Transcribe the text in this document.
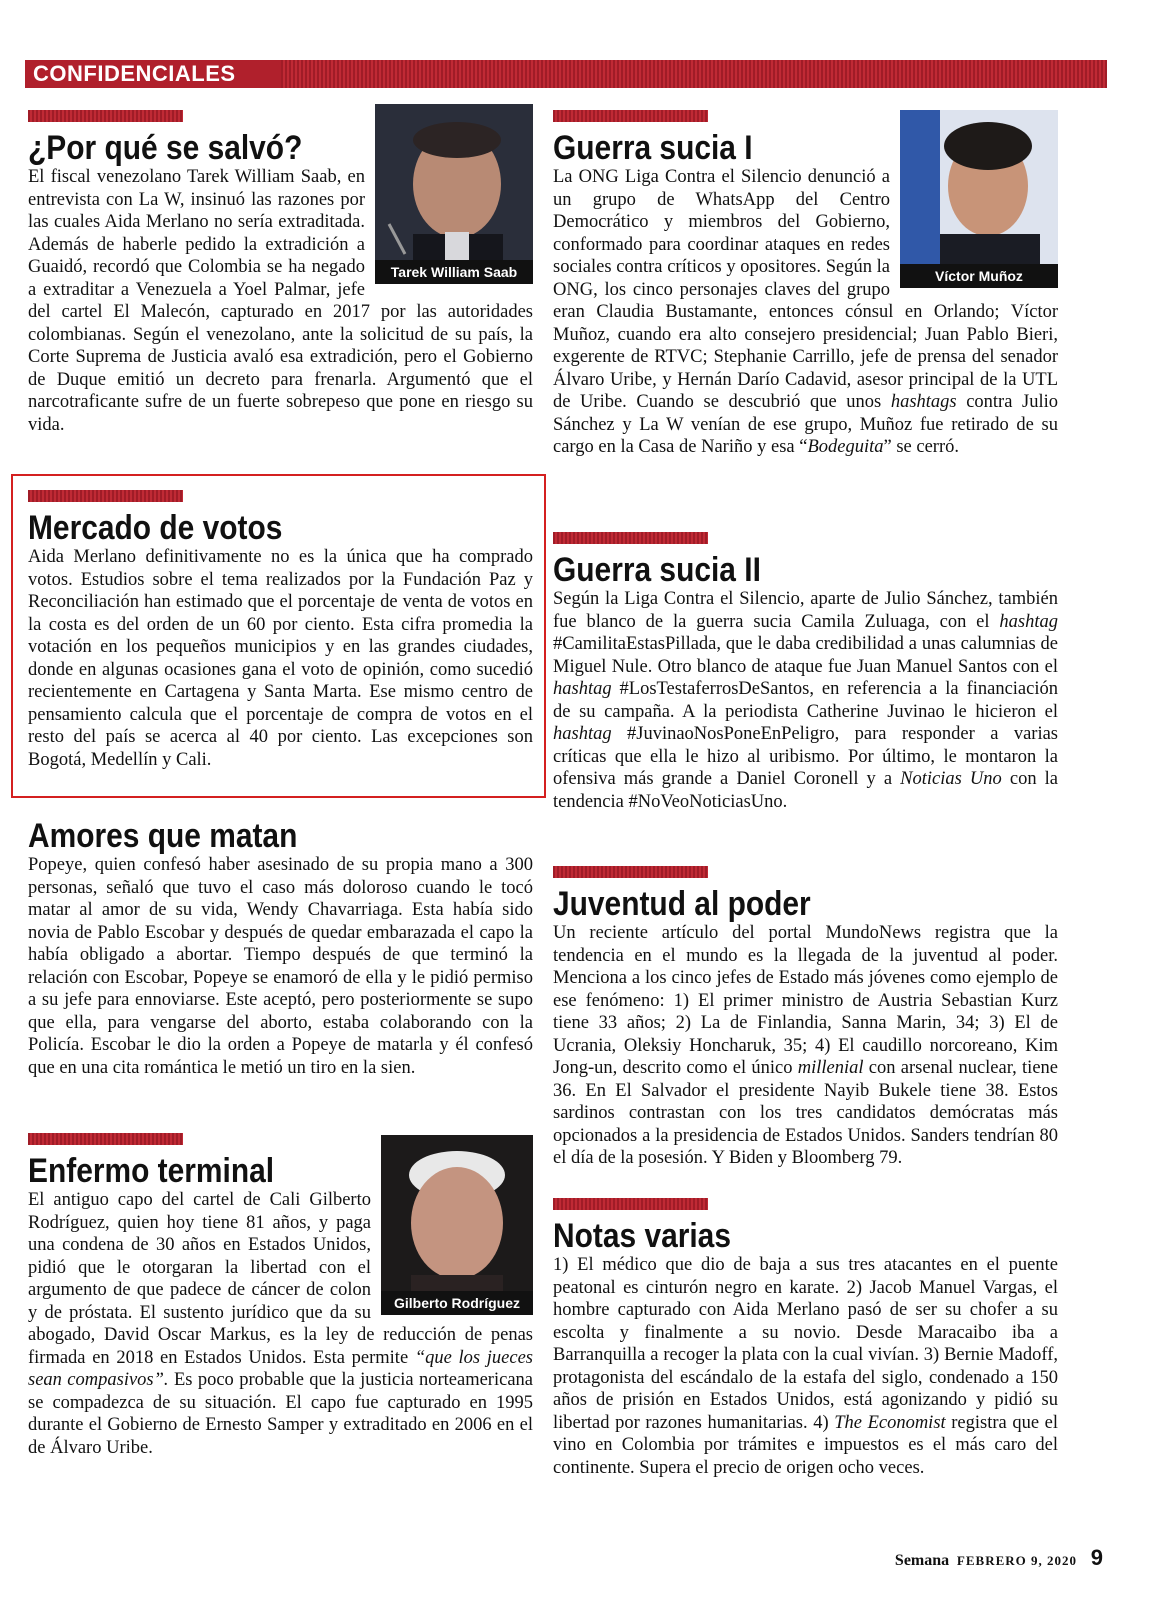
CONFIDENCIALES
Tarek William Saab
¿Por qué se salvó?

El fiscal venezolano Tarek William Saab, en entrevista con La W, insinuó las razones por las cuales Aida Merlano no sería extraditada. Además de haberle pedido la extradición a Guaidó, recordó que Colombia se ha negado a extraditar a Venezuela a Yoel Palmar, jefe del cartel El Malecón, capturado en 2017 por las autoridades colombianas. Según el venezolano, ante la solicitud de su país, la Corte Suprema de Justicia avaló esa extradición, pero el Gobierno de Duque emitió un decreto para frenarla. Argumentó que el narcotraficante sufre de un fuerte sobrepeso que pone en riesgo su vida.

Mercado de votos

Aida Merlano definitivamente no es la única que ha comprado votos. Estudios sobre el tema realizados por la Fundación Paz y Reconciliación han estimado que el porcentaje de venta de votos en la costa es del orden de un 60 por ciento. Esta cifra promedia la votación en los pequeños municipios y en las grandes ciudades, donde en algunas ocasiones gana el voto de opinión, como sucedió recientemente en Cartagena y Santa Marta. Ese mismo centro de pensamiento calcula que el porcentaje de compra de votos en el resto del país se acerca al 40 por ciento. Las excepciones son Bogotá, Medellín y Cali.

Amores que matan

Popeye, quien confesó haber asesinado de su propia mano a 300 personas, señaló que tuvo el caso más doloroso cuando le tocó matar al amor de su vida, Wendy Chavarriaga. Esta había sido novia de Pablo Escobar y después de quedar embarazada el capo la había obligado a abortar. Tiempo después de que terminó la relación con Escobar, Popeye se enamoró de ella y le pidió permiso a su jefe para ennoviarse. Este aceptó, pero posteriormente se supo que ella, para vengarse del aborto, estaba colaborando con la Policía. Escobar le dio la orden a Popeye de matarla y él confesó que en una cita romántica le metió un tiro en la sien.

Gilberto Rodríguez
Enfermo terminal

El antiguo capo del cartel de Cali Gilberto Rodríguez, quien hoy tiene 81 años, y paga una condena de 30 años en Estados Unidos, pidió que le otorgaran la libertad con el argumento de que padece de cáncer de colon y de próstata. El sustento jurídico que da su abogado, David Oscar Markus, es la ley de reducción de penas firmada en 2018 en Estados Unidos. Esta permite “que los jueces sean compasivos”. Es poco probable que la justicia norteamericana se compadezca de su situación. El capo fue capturado en 1995 durante el Gobierno de Ernesto Samper y extraditado en 2006 en el de Álvaro Uribe.

Víctor Muñoz
Guerra sucia I

La ONG Liga Contra el Silencio denunció a un grupo de WhatsApp del Centro Democrático y miembros del Gobierno, conformado para coordinar ataques en redes sociales contra críticos y opositores. Según la ONG, los cinco personajes claves del grupo eran Claudia Bustamante, entonces cónsul en Orlando; Víctor Muñoz, cuando era alto consejero presidencial; Juan Pablo Bieri, exgerente de RTVC; Stephanie Carrillo, jefe de prensa del senador Álvaro Uribe, y Hernán Darío Cadavid, asesor principal de la UTL de Uribe. Cuando se descubrió que unos hashtags contra Julio Sánchez y La W venían de ese grupo, Muñoz fue retirado de su cargo en la Casa de Nariño y esa “Bodeguita” se cerró.

Guerra sucia II

Según la Liga Contra el Silencio, aparte de Julio Sánchez, también fue blanco de la guerra sucia Camila Zuluaga, con el hashtag #CamilitaEstasPillada, que le daba credibilidad a unas calumnias de Miguel Nule. Otro blanco de ataque fue Juan Manuel Santos con el hashtag #LosTestaferrosDeSantos, en referencia a la financiación de su campaña. A la periodista Catherine Juvinao le hicieron el hashtag #JuvinaoNosPoneEnPeligro, para responder a varias críticas que ella le hizo al uribismo. Por último, le montaron la ofensiva más grande a Daniel Coronell y a Noticias Uno con la tendencia #NoVeoNoticiasUno.

Juventud al poder

Un reciente artículo del portal MundoNews registra que la tendencia en el mundo es la llegada de la juventud al poder. Menciona a los cinco jefes de Estado más jóvenes como ejemplo de ese fenómeno: 1) El primer ministro de Austria Sebastian Kurz tiene 33 años; 2) La de Finlandia, Sanna Marin, 34; 3) El de Ucrania, Oleksiy Honcharuk, 35; 4) El caudillo norcoreano, Kim Jong-un, descrito como el único millenial con arsenal nuclear, tiene 36. En El Salvador el presidente Nayib Bukele tiene 38. Estos sardinos contrastan con los tres candidatos demócratas más opcionados a la presidencia de Estados Unidos. Sanders tendrían 80 el día de la posesión. Y Biden y Bloomberg 79.

Notas varias

1) El médico que dio de baja a sus tres atacantes en el puente peatonal es cinturón negro en karate. 2) Jacob Manuel Vargas, el hombre capturado con Aida Merlano pasó de ser su chofer a su escolta y finalmente a su novio. Desde Maracaibo iba a Barranquilla a recoger la plata con la cual vivían. 3) Bernie Madoff, protagonista del escándalo de la estafa del siglo, condenado a 150 años de prisión en Estados Unidos, está agonizando y pidió su libertad por razones humanitarias. 4) The Economist registra que el vino en Colombia por trámites e impuestos es el más caro del continente. Supera el precio de origen ocho veces.

Semana FEBRERO 9, 2020 9
